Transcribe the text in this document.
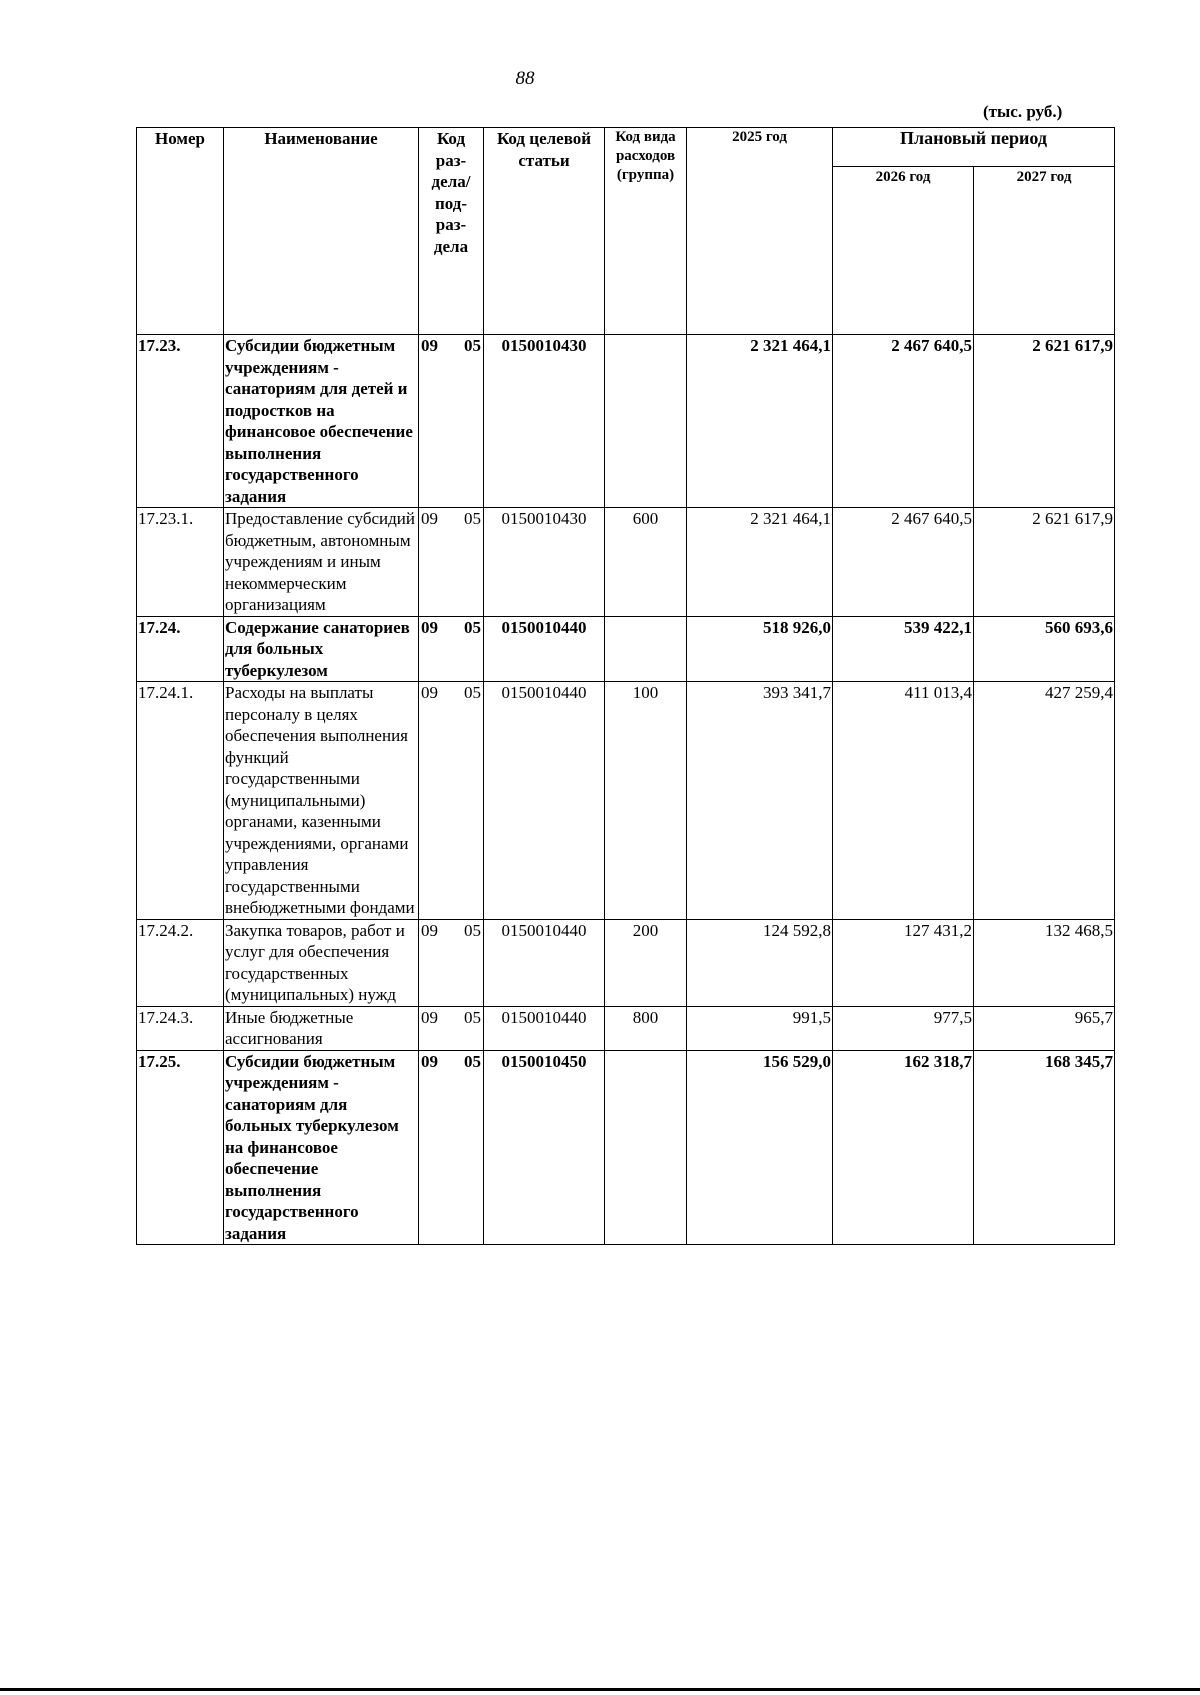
88
(тыс. руб.)
Номер	Наименование	Код раз-дела/ под-раз-дела	Код целевой статьи	Код вида расходов (группа)	2025 год	Плановый период	
						2026 год	2027 год
17.23.	Субсидии бюджетным учреждениям - санаториям для детей и подростков на финансовое обеспечение выполнения государственного задания	09 05	0150010430		2 321 464,1	2 467 640,5	2 621 617,9
17.23.1.	Предоставление субсидий бюджетным, автономным учреждениям и иным некоммерческим организациям	09 05	0150010430	600	2 321 464,1	2 467 640,5	2 621 617,9
17.24.	Содержание санаториев для больных туберкулезом	09 05	0150010440		518 926,0	539 422,1	560 693,6
17.24.1.	Расходы на выплаты персоналу в целях обеспечения выполнения функций государственными (муниципальными) органами, казенными учреждениями, органами управления государственными внебюджетными фондами	09 05	0150010440	100	393 341,7	411 013,4	427 259,4
17.24.2.	Закупка товаров, работ и услуг для обеспечения государственных (муниципальных) нужд	09 05	0150010440	200	124 592,8	127 431,2	132 468,5
17.24.3.	Иные бюджетные ассигнования	09 05	0150010440	800	991,5	977,5	965,7
17.25.	Субсидии бюджетным учреждениям - санаториям для больных туберкулезом на финансовое обеспечение выполнения государственного задания	09 05	0150010450		156 529,0	162 318,7	168 345,7
